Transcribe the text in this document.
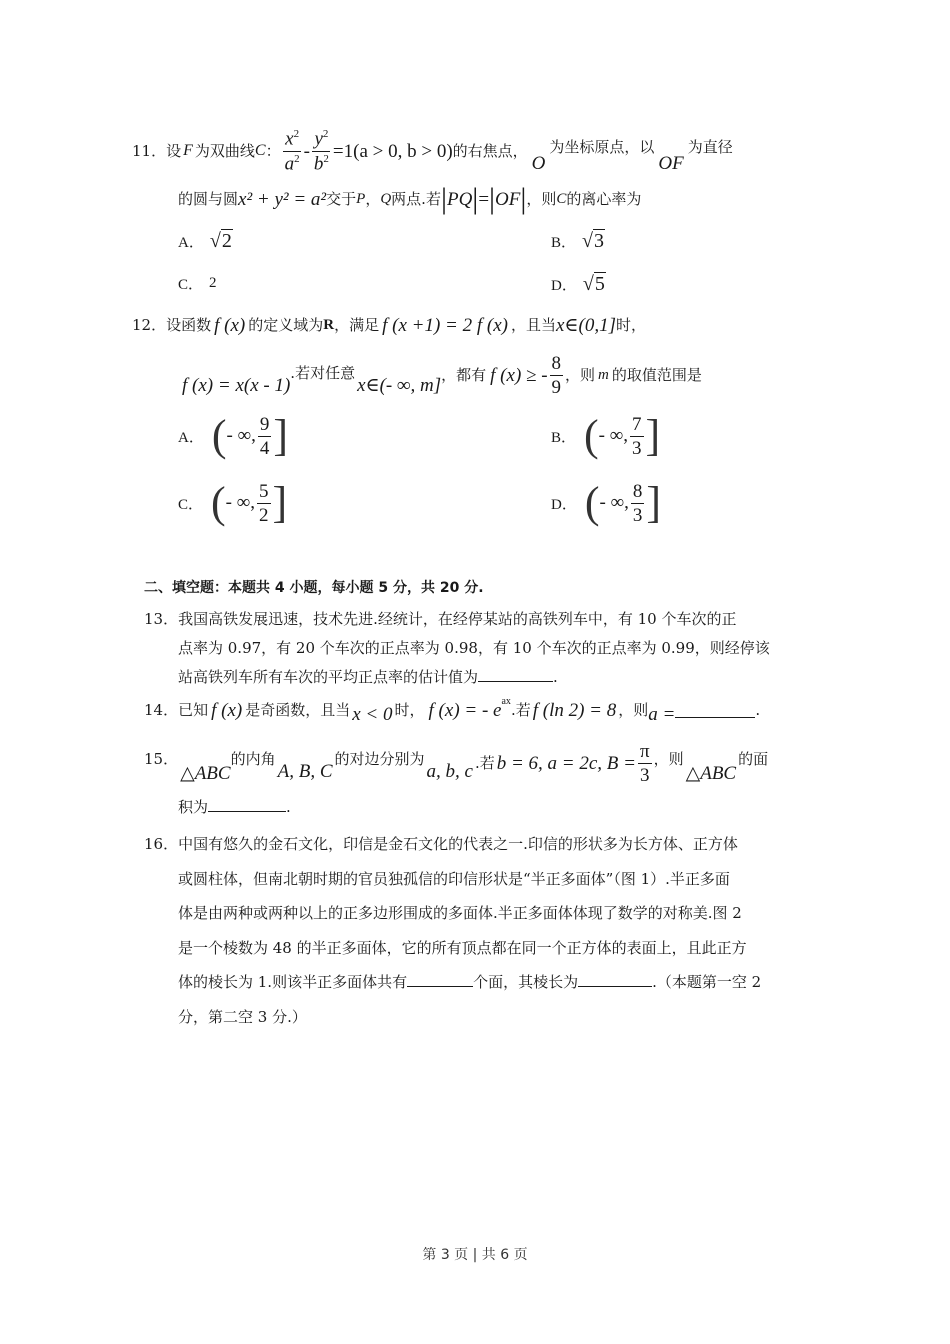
11． 设 F 为双曲线 C ： $\frac{x^2}{a^2} - \frac{y^2}{b^2} =1(a > 0$, b > 0) 的右焦点，
O
为坐标原点，以
OF
为直径
的圆与圆 x² + y² = a² 交于 P ， Q 两点.若 | PQ | = | OF | ，则 C 的离心率为
A． √2	B． √3
C． 2	D． √5
12． 设函数 f (x) 的定义域为 R ，满足 f (x +1) = 2 f (x) ，且当 x∈(0,1] 时，
f (x) = x(x - 1)
.若对任意
x∈(- ∞, m] ，都有 f (x) ≥ - $\frac{8}{9}$ ，则 m 的取值范围是
A． ( - ∞, $\frac{9}{4}$ ]	B． ( - ∞, $\frac{7}{3}$ ]
C． ( - ∞, $\frac{5}{2}$ ]	D． ( - ∞, $\frac{8}{3}$ ]
二、填空题：本题共 4 小题，每小题 5 分，共 20 分.
13．我国高铁发展迅速，技术先进.经统计，在经停某站的高铁列车中，有 10 个车次的正
点率为 0.97，有 20 个车次的正点率为 0.98，有 10 个车次的正点率为 0.99，则经停该
站高铁列车所有车次的平均正点率的估计值为	.
14． 已知 f (x) 是奇函数，且当 x < 0 时， f (x) = - e ax .若 f (ln 2) = 8 ，则 a =	.
15．
△ABC
的内角
A, B, C
的对边分别为
a, b, c .若 b = 6, a = 2c, $B = \frac{\pi}{3}$ ，则
△ABC
的面
积为	.
16．中国有悠久的金石文化，印信是金石文化的代表之一.印信的形状多为长方体、正方体
或圆柱体，但南北朝时期的官员独孤信的印信形状是“半正多面体”（图 1）.半正多面
体是由两种或两种以上的正多边形围成的多面体.半正多面体体现了数学的对称美.图 2
是一个棱数为 48 的半正多面体，它的所有顶点都在同一个正方体的表面上，且此正方
体的棱长为 1.则该半正多面体共有	个面，其棱长为	.（本题第一空 2
分，第二空 3 分.）
第 3 页 | 共 6 页
